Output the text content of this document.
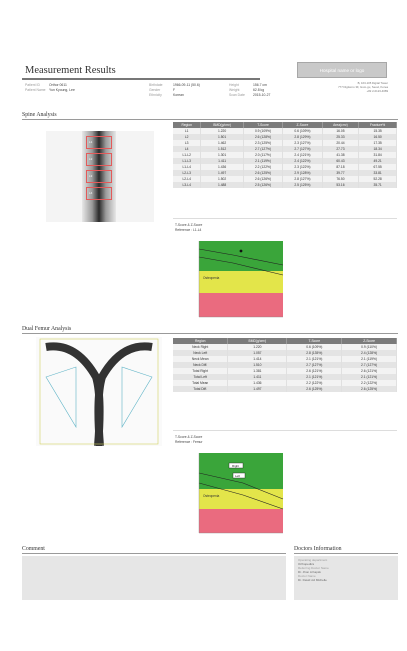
Measurement Results	Hospital name or logo
B, 163-105 Digital Tower
777 Digital-ro 3F, Guro-gu, Seoul, Korea
+82 2-0123-4689
Patient ID	Orthor 0611
Patient Name Yun Kyoung, Lee
Birthdate	1966-09-11 (50.6)
Gender	F
Ethnicity	Korean
Height	156.7 cm
Weight	62.8 kg
Scan Date 2015-10-27
Spine Analysis
L1
L2
L3
L4
Region	BMD(g/cm²)	T-Score	Z-Score	Area(cm²)	Fracture%
L1	1.220	0.9 (109%)	0.6 (109%)	16.05	15.35
L2	1.501	2.6 (128%)	2.8 (129%)	25.33	16.50
L3	1.462	2.3 (125%)	2.3 (127%)	20.44	17.35
L4	1.512	2.7 (127%)	2.7 (127%)	27.73	18.34
L1-L2	1.301	2.0 (117%)	2.4 (121%)	41.38	31.84
L1-L3	1.411	2.1 (119%)	2.4 (122%)	60.43	49.21
L1-L4	1.436	2.2 (122%)	2.3 (122%)	87.18	67.55
L2-L3	1.497	2.6 (125%)	2.9 (128%)	39.77	33.81
L2-L4	1.502	2.6 (126%)	2.8 (127%)	76.50	52.28
L3-L4	1.488	2.5 (126%)	2.5 (125%)	53.16	35.71
T-Score & Z-Score
Reference : L1-L4
Osteopenia
Dual Femur Analysis
Region	BMD(g/cm²)	T-Score	Z-Score
Neck Right	1.220	0.6 (109%)	0.9 (110%)
Neck Left	1.057	2.8 (135%)	2.4 (128%)
Neck Mean	1.414	2.1 (121%)	2.1 (119%)
Neck Diff.	1.510	2.7 (127%)	2.7 (127%)
Total Right	1.381	2.6 (121%)	2.6 (121%)
Total Left	1.411	2.1 (121%)	2.1 (121%)
Total Mean	1.436	2.2 (122%)	2.2 (122%)
Total Diff.	1.497	2.6 (125%)	2.6 (125%)
T-Score & Z-Score
Reference : Femur
Right
Left
Osteopenia
Comment	Doctors Information
Operating department
Orthopedics
Referring Doctor Name
Dr. Jhon A Kapsk
Doctor Name
Dr. David vid Michelle
